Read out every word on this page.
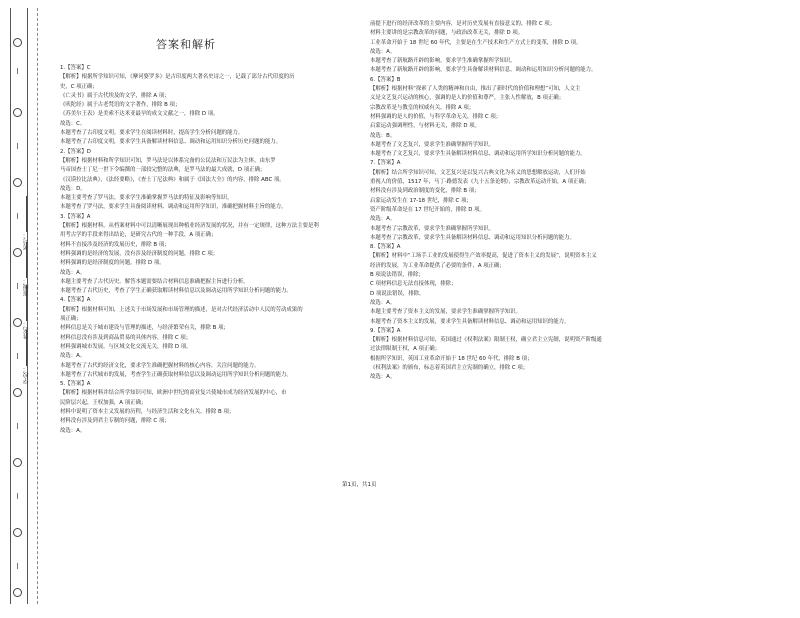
学校：
姓名：
班级：
考号：
答案和解析
1.【答案】C
【解析】根据所学知识可知，《摩诃婆罗多》是古印度两大著名史诗之一，记载了部分古代印度的历
史，C 项正确；
《亡灵书》属于古代埃及的文学，排除 A 项；
《吠陀经》属于古老梵语的文字著作，排除 B 项；
《苏美尔王表》是美索不达米亚最早的成文文献之一，排除 D 项。
故选：C。
本题考查了古印度文明。要求学生在阅读材料时，提高学生分析问题的能力。
本题考查了古印度文明，要求学生具备解读材料信息、调动和运用知识分析历史问题的能力。
2.【答案】D
【解析】根据材料和所学知识可知，罗马法是以体系完备的公民法和万民法为主体，由东罗
马帝国查士丁尼一世下令编撰的一部较完整的法典，是罗马法的最大成就，D 项正确；
《汉谟拉比法典》，《法经要略》，《查士丁尼法典》和属于《国法大全》的内容，排除 ABC 项。
故选：D。
本题主要考查了罗马法。要求学生准确掌握罗马法的特征及影响等知识。
本题考查了罗马法，要求学生具备阅读材料、调动和运用所学知识，准确把握材料主旨的能力。
3.【答案】A
【解析】根据材料，从档案材料中可以清晰展现出种植业经济发展的状况，并有一定规律，这种方法主要是利
用考古学的手段来得出结论，是研究古代的一种手段，A 项正确；
材料不直接涉及经济的发展历史，排除 B 项；
材料强调的是经济的发展，没有涉及经济制度的问题，排除 C 项；
材料强调的是经济制度的问题，排除 D 项。
故选：A。
本题主要考查了古代历史。解答本题需要结合材料信息准确把握主旨进行分析。
本题考查了古代历史，考查了学生正确获取解读材料信息以及调动运用所学知识分析问题的能力。
4.【答案】A
【解析】根据材料可知，上述关于市场发展和市场管理的描述，是对古代经济活动中人民的劳动成果的
项正确；
材料信息是关于城市建设与管理的描述，与经济繁荣有关，排除 B 项；
材料信息没有涉及到商品贸易的具体内容，排除 C 项；
材料强调城市发展，与区域文化交流无关，排除 D 项。
故选：A。
本题考查了古代的经济文化，要求学生准确把握材料的核心内容，关注问题的能力。
本题考查了古代城市的发展，考查学生正确获取材料信息以及调动运用所学知识分析问题的能力。
5.【答案】A
【解析】根据材料并结合所学知识可知，欧洲中世纪的商业复兴使城市成为经济发展的中心，市
民阶层兴起，王权加强，A 项正确；
材料中说明了资本主义发展的历程，与经济生活和文化有关，排除 B 项；
材料没有涉及到君主专制的问题，排除 C 项；
故选：A。
前提下进行的经济改革的主要内容，是对历史发展有直接意义的，排除 C 项；
材料主要讲的是宗教改革的问题，与政治改革无关，排除 D 项。
工业革命开始于 18 世纪 60 年代，主要是在生产技术和生产方式上的变革，排除 D 项。
故选：A。
本题考查了新航路开辟的影响，要求学生准确掌握所学知识。
本题考查了新航路开辟的影响，要求学生具备解读材料信息，调动和运用知识分析问题的能力。
6.【答案】B
【解析】根据材料“探索了人类的精神和自由，推出了新时代的价值和理想”可知，人文主
义是文艺复兴运动的核心，强调的是人的价值和尊严，主张人性解放，B 项正确；
宗教改革是与教皇的权威有关，排除 A 项；
材料强调的是人的价值，与科学革命无关，排除 C 项；
启蒙运动强调理性，与材料无关，排除 D 项。
故选：B。
本题考查了文艺复兴，要求学生准确掌握所学知识。
本题考查了文艺复兴，要求学生具备解读材料信息、调动和运用所学知识分析问题的能力。
7.【答案】A
【解析】结合所学知识可知，文艺复兴是以复兴古典文化为名义的思想解放运动，人们开始
重视人的价值，1517 年，马丁·路德发表《九十五条论纲》，宗教改革运动开始，A 项正确；
材料没有涉及到政治制度的变化，排除 B 项；
启蒙运动发生在 17-18 世纪，排除 C 项；
资产阶级革命是在 17 世纪开始的，排除 D 项。
故选：A。
本题考查了宗教改革，要求学生准确掌握所学知识。
本题考查了宗教改革，要求学生具备解读材料信息、调动和运用知识分析问题的能力。
8.【答案】A
【解析】材料中“工场手工业的发展使得生产效率提高，促进了资本主义的发展”，说明资本主义
经济的发展，为工业革命提供了必要的条件，A 项正确；
B 项说法错误，排除；
C 项材料信息无法直接体现，排除；
D 项说法错误，排除。
故选：A。
本题主要考查了资本主义的发展，要求学生准确掌握所学知识。
本题考查了资本主义的发展，要求学生具备解读材料信息、调动和运用知识的能力。
9.【答案】A
【解析】根据材料信息可知，英国通过《权利法案》限制王权，确立君主立宪制，说明资产阶级通
过法律限制王权，A 项正确；
根据所学知识，英国工业革命开始于 18 世纪 60 年代，排除 B 项；
《权利法案》的颁布，标志着英国君主立宪制的确立，排除 C 项；
故选：A。
第1页，共1页
